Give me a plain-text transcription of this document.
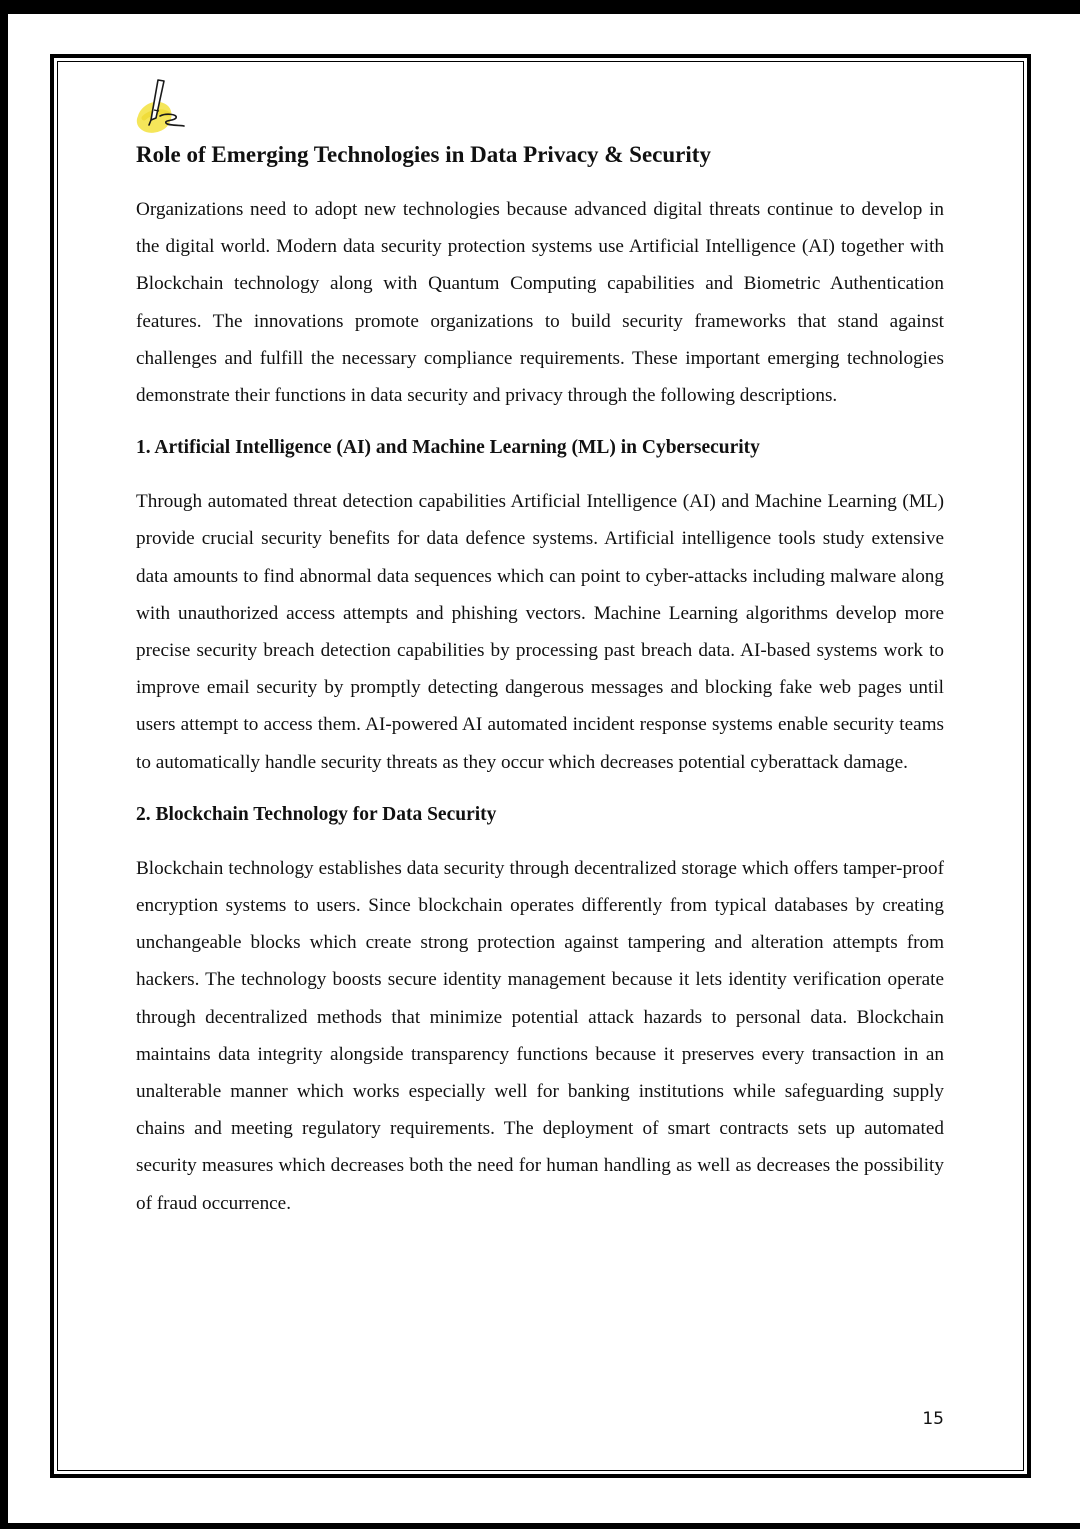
Role of Emerging Technologies in Data Privacy & Security

Organizations need to adopt new technologies because advanced digital threats continue to develop in the digital world. Modern data security protection systems use Artificial Intelligence (AI) together with Blockchain technology along with Quantum Computing capabilities and Biometric Authentication features. The innovations promote organizations to build security frameworks that stand against challenges and fulfill the necessary compliance requirements. These important emerging technologies demonstrate their functions in data security and privacy through the following descriptions.

1. Artificial Intelligence (AI) and Machine Learning (ML) in Cybersecurity

Through automated threat detection capabilities Artificial Intelligence (AI) and Machine Learning (ML) provide crucial security benefits for data defence systems. Artificial intelligence tools study extensive data amounts to find abnormal data sequences which can point to cyber-attacks including malware along with unauthorized access attempts and phishing vectors. Machine Learning algorithms develop more precise security breach detection capabilities by processing past breach data. AI-based systems work to improve email security by promptly detecting dangerous messages and blocking fake web pages until users attempt to access them. AI-powered AI automated incident response systems enable security teams to automatically handle security threats as they occur which decreases potential cyberattack damage.

2. Blockchain Technology for Data Security

Blockchain technology establishes data security through decentralized storage which offers tamper-proof encryption systems to users. Since blockchain operates differently from typical databases by creating unchangeable blocks which create strong protection against tampering and alteration attempts from hackers. The technology boosts secure identity management because it lets identity verification operate through decentralized methods that minimize potential attack hazards to personal data. Blockchain maintains data integrity alongside transparency functions because it preserves every transaction in an unalterable manner which works especially well for banking institutions while safeguarding supply chains and meeting regulatory requirements. The deployment of smart contracts sets up automated security measures which decreases both the need for human handling as well as decreases the possibility of fraud occurrence.

15
